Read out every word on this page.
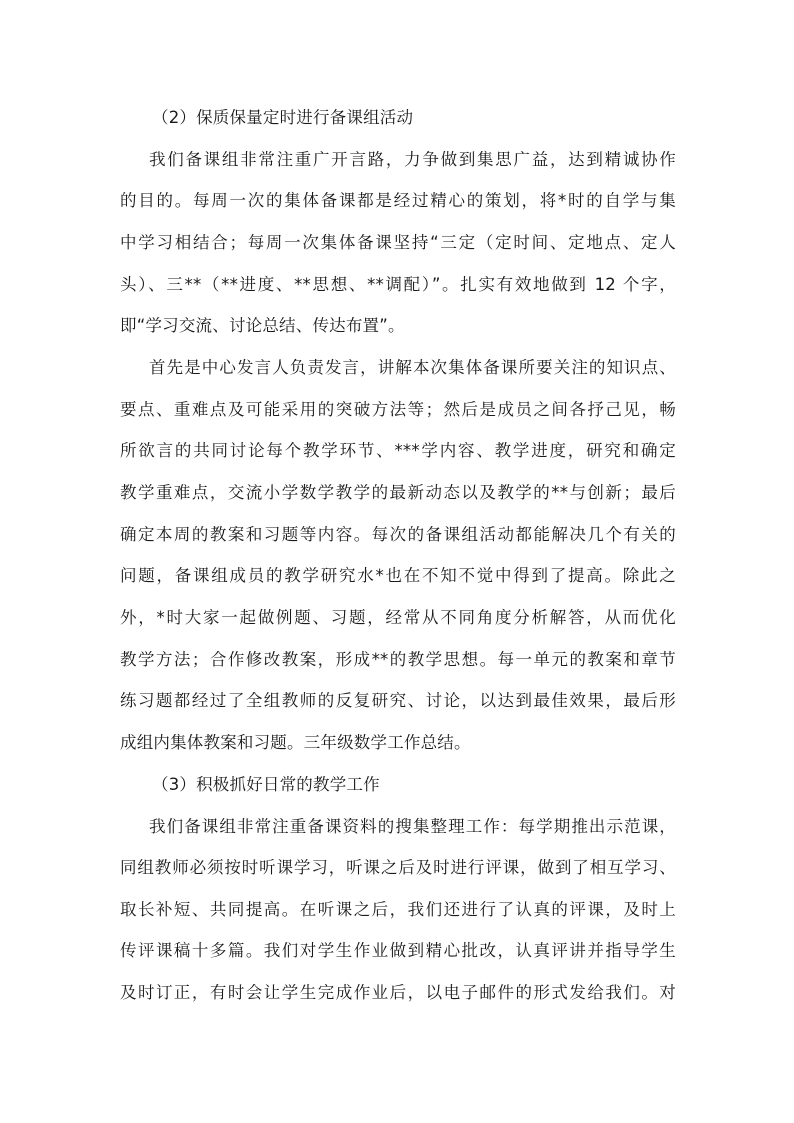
（2）保质保量定时进行备课组活动
我们备课组非常注重广开言路，力争做到集思广益，达到精诚协作
的目的。每周一次的集体备课都是经过精心的策划，将*时的自学与集
中学习相结合；每周一次集体备课坚持“三定（定时间、定地点、定人
头）、三**（**进度、**思想、**调配）”。扎实有效地做到 12 个字，
即“学习交流、讨论总结、传达布置”。
首先是中心发言人负责发言，讲解本次集体备课所要关注的知识点、
要点、重难点及可能采用的突破方法等；然后是成员之间各抒己见，畅
所欲言的共同讨论每个教学环节、***学内容、教学进度，研究和确定
教学重难点，交流小学数学教学的最新动态以及教学的**与创新；最后
确定本周的教案和习题等内容。每次的备课组活动都能解决几个有关的
问题，备课组成员的教学研究水*也在不知不觉中得到了提高。除此之
外，*时大家一起做例题、习题，经常从不同角度分析解答，从而优化
教学方法；合作修改教案，形成**的教学思想。每一单元的教案和章节
练习题都经过了全组教师的反复研究、讨论，以达到最佳效果，最后形
成组内集体教案和习题。三年级数学工作总结。
（3）积极抓好日常的教学工作
我们备课组非常注重备课资料的搜集整理工作：每学期推出示范课，
同组教师必须按时听课学习，听课之后及时进行评课，做到了相互学习、
取长补短、共同提高。在听课之后，我们还进行了认真的评课，及时上
传评课稿十多篇。我们对学生作业做到精心批改，认真评讲并指导学生
及时订正，有时会让学生完成作业后，以电子邮件的形式发给我们。对
